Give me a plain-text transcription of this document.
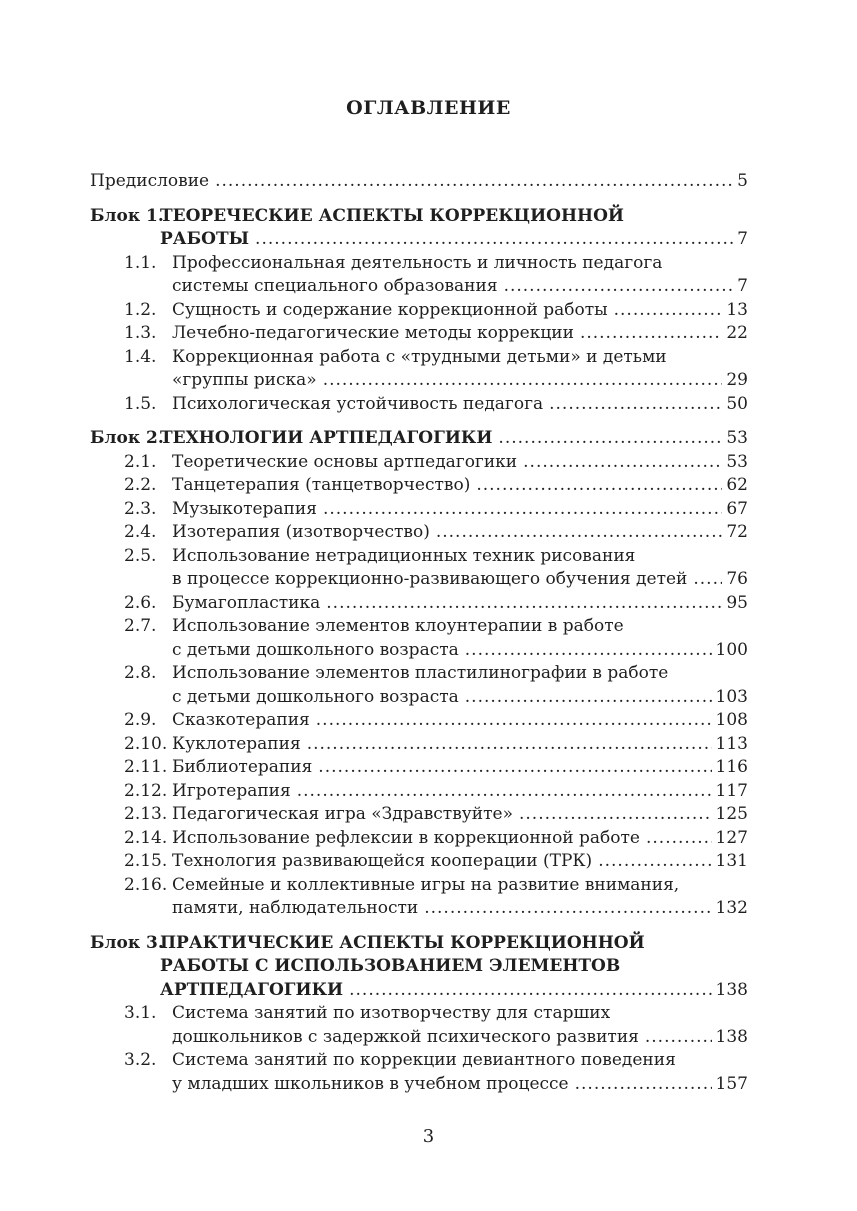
ОГЛАВЛЕНИЕ
Предисловие .....	5
Блок 1.
ТЕОРЕЧЕСКИЕ АСПЕКТЫ КОРРЕКЦИОННОЙ
РАБОТЫ .....	7
1.1. Профессиональная деятельность и личность педагога
системы специального образования .....	7
1.2. Сущность и содержание коррекционной работы .....	13
1.3. Лечебно-педагогические методы коррекции .....	22
1.4. Коррекционная работа с «трудными детьми» и детьми
«группы риска» .....	29
1.5. Психологическая устойчивость педагога .....	50
Блок 2.
ТЕХНОЛОГИИ АРТПЕДАГОГИКИ .....	53
2.1. Теоретические основы артпедагогики .....	53
2.2. Танцетерапия (танцетворчество) .....	62
2.3. Музыкотерапия .....	67
2.4. Изотерапия (изотворчество) .....	72
2.5. Использование нетрадиционных техник рисования
в процессе коррекционно-развивающего обучения детей ..... 76
2.6. Бумагопластика .....	95
2.7. Использование элементов клоунтерапии в работе
с детьми дошкольного возраста .....	100
2.8. Использование элементов пластилинографии в работе
с детьми дошкольного возраста .....	103
2.9. Сказкотерапия .....	108
2.10. Куклотерапия .....	113
2.11. Библиотерапия .....	116
2.12. Игротерапия .....	117
2.13. Педагогическая игра «Здравствуйте» .....	125
2.14. Использование рефлексии в коррекционной работе .....	127
2.15. Технология развивающейся кооперации (ТРК) .....	131
2.16. Семейные и коллективные игры на развитие внимания,
памяти, наблюдательности .....	132
Блок 3.
ПРАКТИЧЕСКИЕ АСПЕКТЫ КОРРЕКЦИОННОЙ
РАБОТЫ С ИСПОЛЬЗОВАНИЕМ ЭЛЕМЕНТОВ
АРТПЕДАГОГИКИ .....	138
3.1. Система занятий по изотворчеству для старших
дошкольников с задержкой психического развития .....	138
3.2. Система занятий по коррекции девиантного поведения
у младших школьников в учебном процессе .....	157
3
